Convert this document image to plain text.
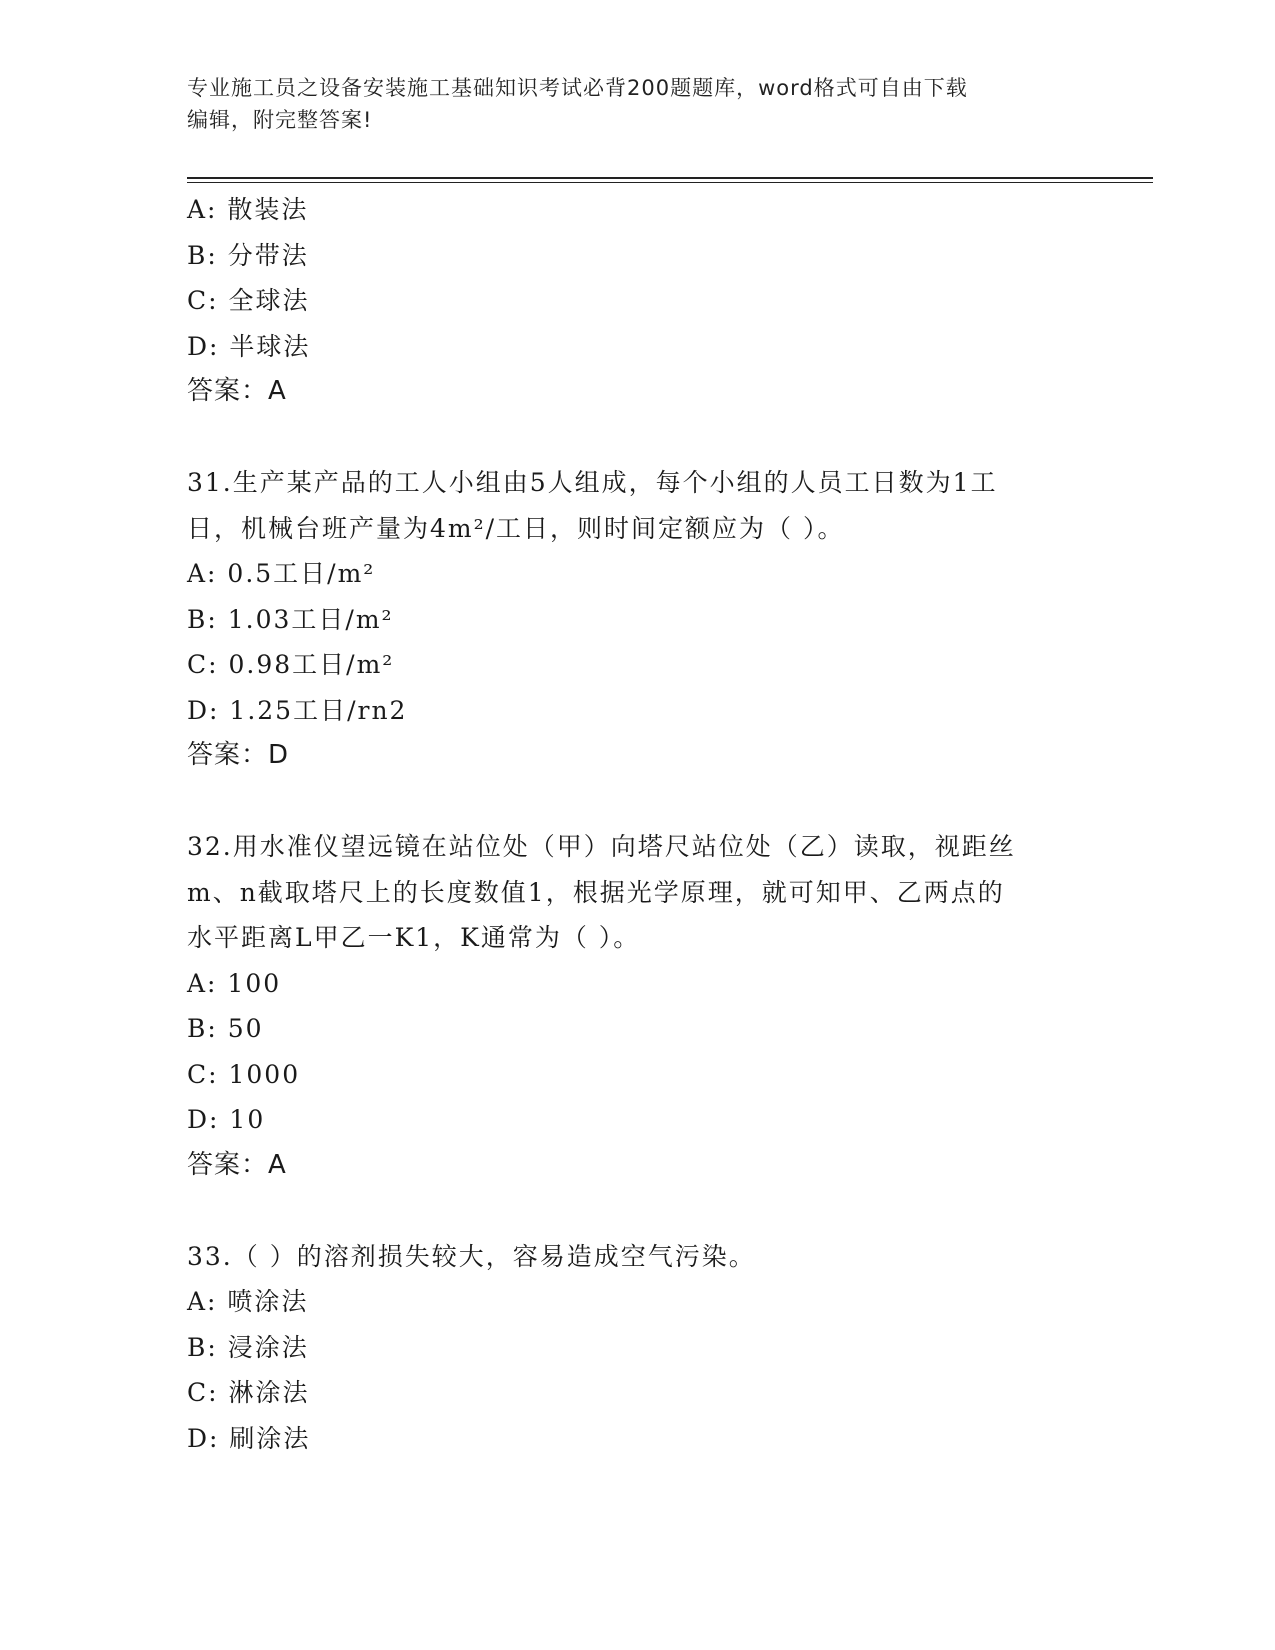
专业施工员之设备安装施工基础知识考试必背200题题库，word格式可自由下载
编辑，附完整答案!
A: 散装法
B: 分带法
C: 全球法
D: 半球法
答案：A
31.生产某产品的工人小组由5人组成，每个小组的人员工日数为1工
日，机械台班产量为4m²/工日，则时间定额应为（ ）。
A: 0.5工日/m²
B: 1.03工日/m²
C: 0.98工日/m²
D: 1.25工日/rn2
答案：D
32.用水准仪望远镜在站位处（甲）向塔尺站位处（乙）读取，视距丝
m、n截取塔尺上的长度数值1，根据光学原理，就可知甲、乙两点的
水平距离L甲乙一K1，K通常为（ ）。
A: 100
B: 50
C: 1000
D: 10
答案：A
33.（ ）的溶剂损失较大，容易造成空气污染。
A: 喷涂法
B: 浸涂法
C: 淋涂法
D: 刷涂法
